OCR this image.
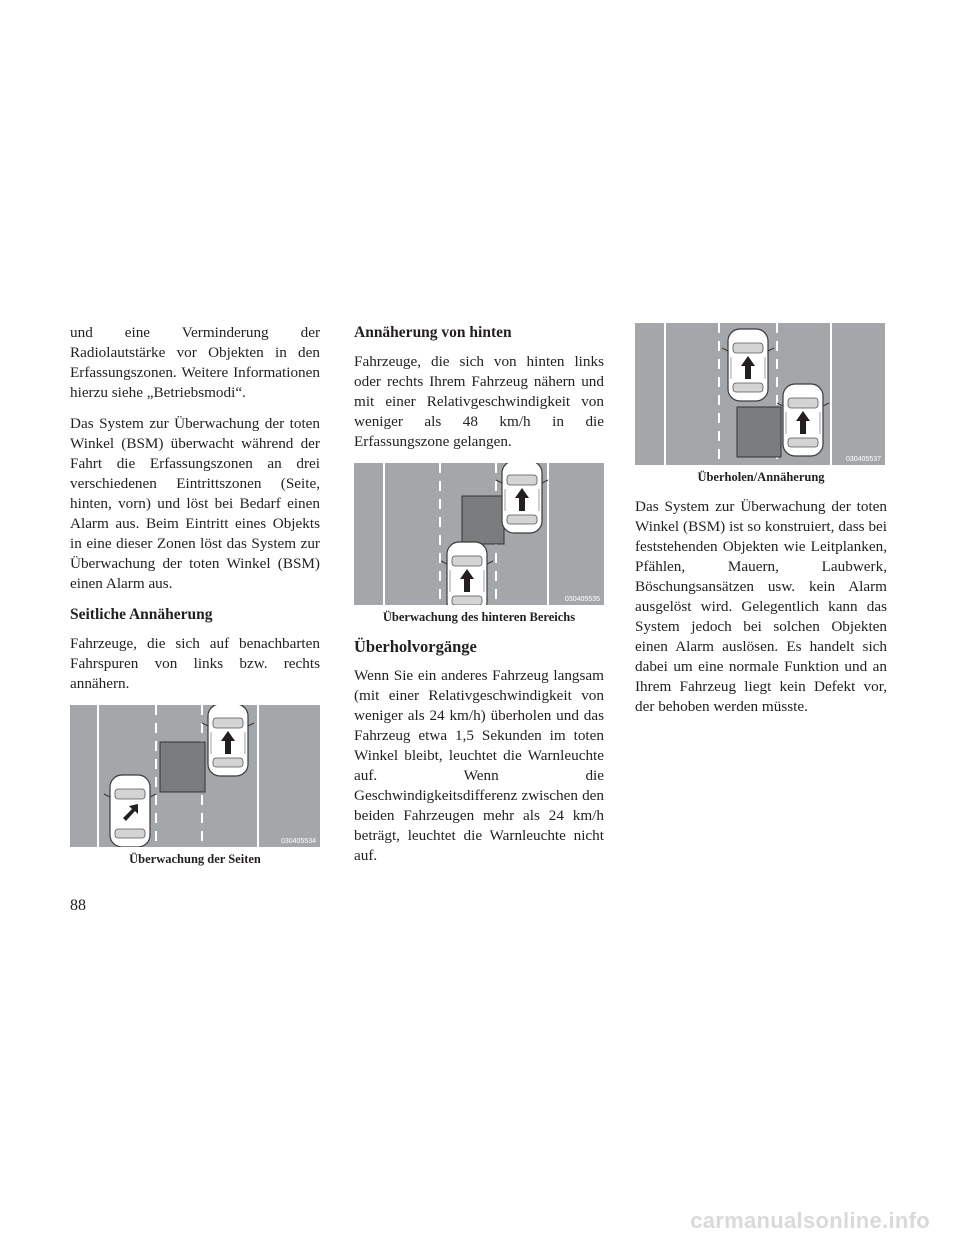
und eine Verminderung der Radiolautstärke vor Objekten in den Erfassungszonen. Weitere Informationen hierzu siehe „Betriebsmodi“.

Das System zur Überwachung der toten Winkel (BSM) überwacht während der Fahrt die Erfassungszonen an drei verschiedenen Eintrittszonen (Seite, hinten, vorn) und löst bei Bedarf einen Alarm aus. Beim Eintritt eines Objekts in eine dieser Zonen löst das System zur Überwachung der toten Winkel (BSM) einen Alarm aus.

Seitliche Annäherung

Fahrzeuge, die sich auf benachbarten Fahrspuren von links bzw. rechts annähern.

030405534
Überwachung der Seiten
Annäherung von hinten

Fahrzeuge, die sich von hinten links oder rechts Ihrem Fahrzeug nähern und mit einer Relativgeschwindigkeit von weniger als 48 km/h in die Erfassungszone gelangen.

030405535
Überwachung des hinteren Bereichs
Überholvorgänge

Wenn Sie ein anderes Fahrzeug langsam (mit einer Relativgeschwindigkeit von weniger als 24 km/h) überholen und das Fahrzeug etwa 1,5 Sekunden im toten Winkel bleibt, leuchtet die Warnleuchte auf. Wenn die Geschwindigkeitsdifferenz zwischen den beiden Fahrzeugen mehr als 24 km/h beträgt, leuchtet die Warnleuchte nicht auf.

030405537
Überholen/Annäherung

Das System zur Überwachung der toten Winkel (BSM) ist so konstruiert, dass bei feststehenden Objekten wie Leitplanken, Pfählen, Mauern, Laubwerk, Böschungsansätzen usw. kein Alarm ausgelöst wird. Gelegentlich kann das System jedoch bei solchen Objekten einen Alarm auslösen. Es handelt sich dabei um eine normale Funktion und an Ihrem Fahrzeug liegt kein Defekt vor, der behoben werden müsste.

88
carmanualsonline.info
